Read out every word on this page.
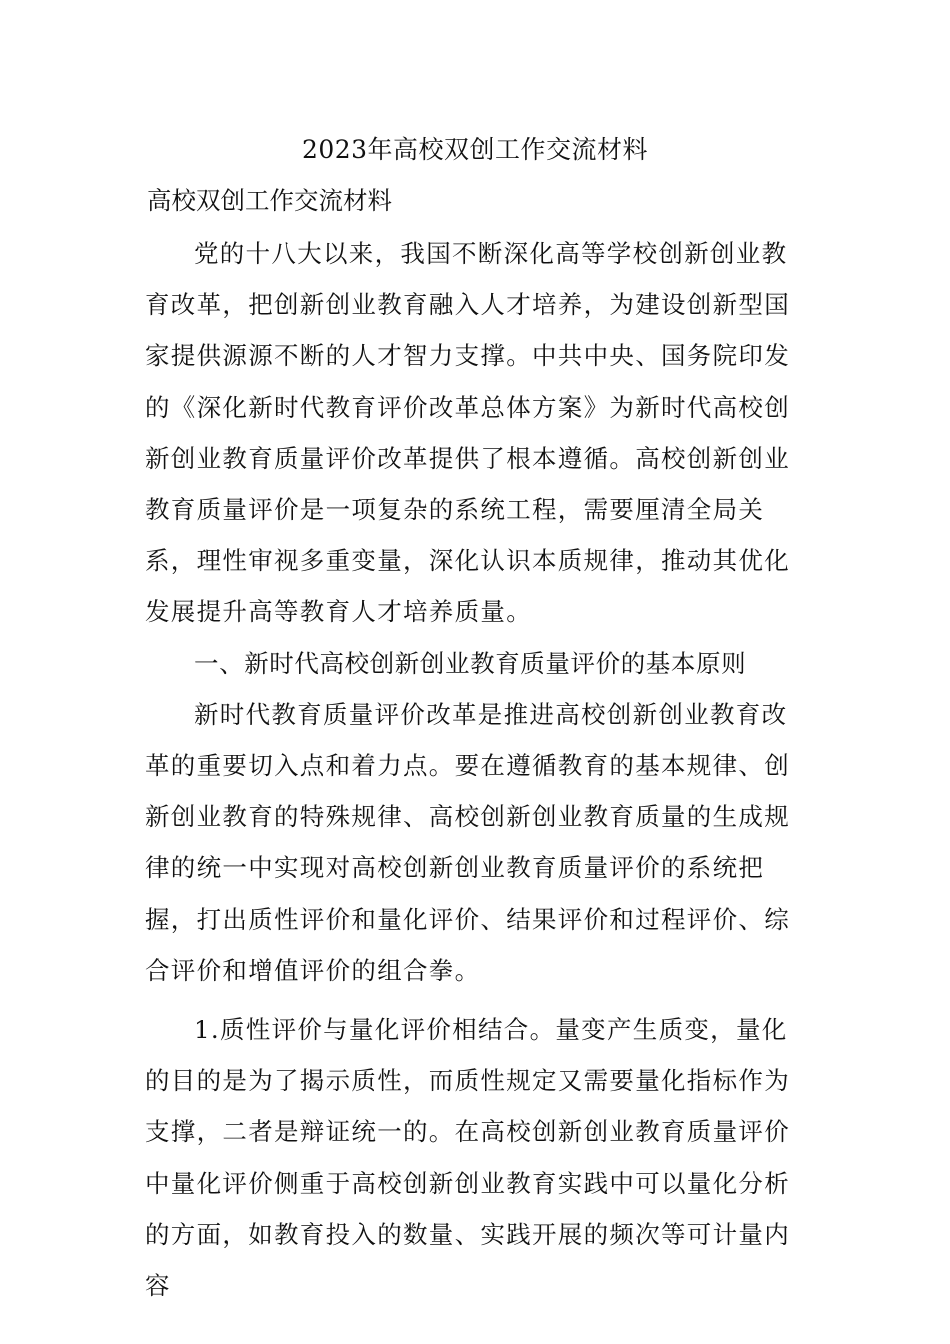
2023年高校双创工作交流材料
高校双创工作交流材料

党的十八大以来，我国不断深化高等学校创新创业教育改革，把创新创业教育融入人才培养，为建设创新型国家提供源源不断的人才智力支撑。中共中央、国务院印发的《深化新时代教育评价改革总体方案》为新时代高校创新创业教育质量评价改革提供了根本遵循。高校创新创业教育质量评价是一项复杂的系统工程，需要厘清全局关系，理性审视多重变量，深化认识本质规律，推动其优化发展提升高等教育人才培养质量。

一、新时代高校创新创业教育质量评价的基本原则

新时代教育质量评价改革是推进高校创新创业教育改革的重要切入点和着力点。要在遵循教育的基本规律、创新创业教育的特殊规律、高校创新创业教育质量的生成规律的统一中实现对高校创新创业教育质量评价的系统把握，打出质性评价和量化评价、结果评价和过程评价、综合评价和增值评价的组合拳。

1.质性评价与量化评价相结合。量变产生质变，量化的目的是为了揭示质性，而质性规定又需要量化指标作为支撑，二者是辩证统一的。在高校创新创业教育质量评价中量化评价侧重于高校创新创业教育实践中可以量化分析的方面，如教育投入的数量、实践开展的频次等可计量内容
